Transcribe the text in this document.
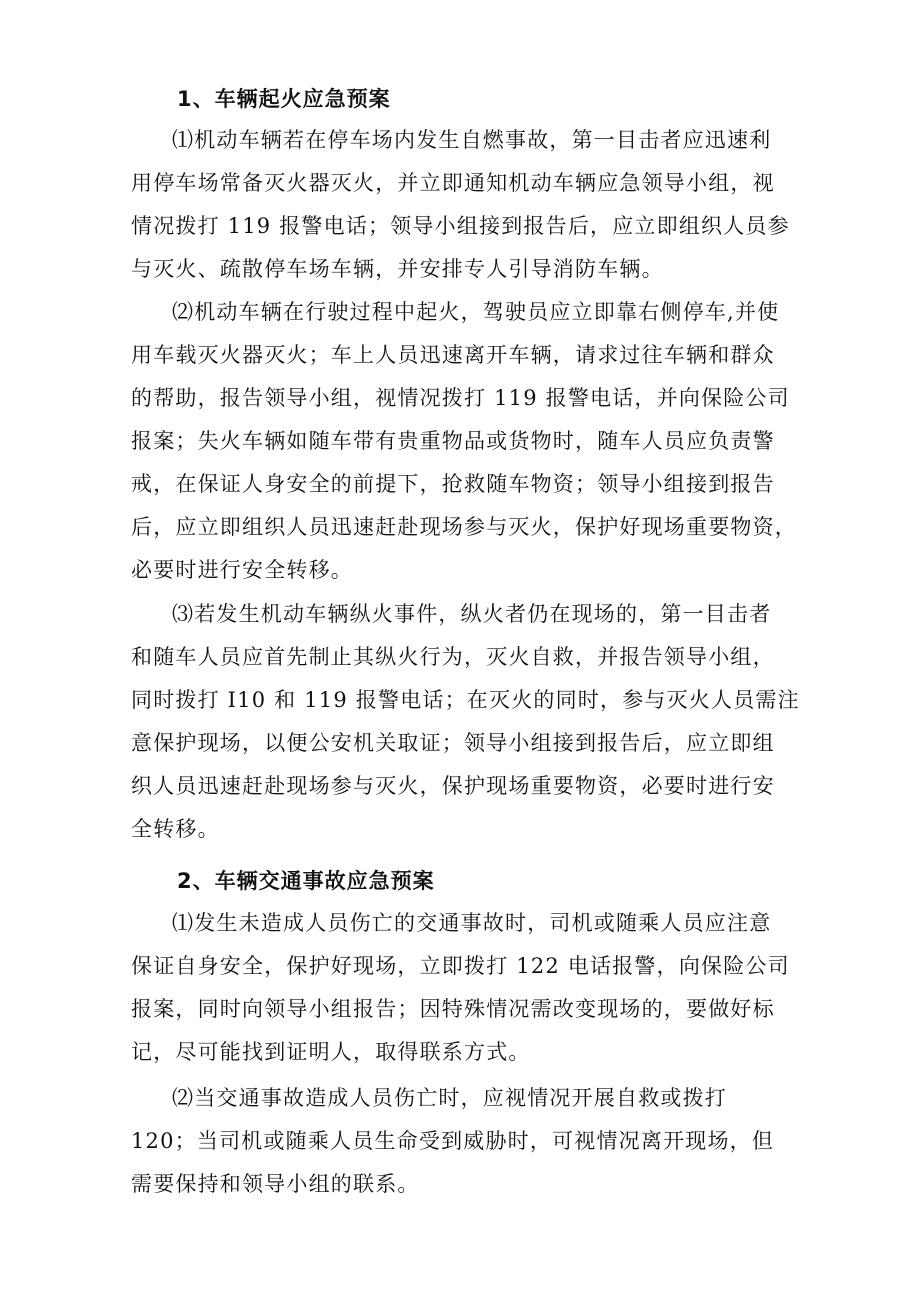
1、车辆起火应急预案
⑴机动车辆若在停车场内发生自燃事故，第一目击者应迅速利
用停车场常备灭火器灭火，并立即通知机动车辆应急领导小组，视
情况拨打 119 报警电话；领导小组接到报告后，应立即组织人员参
与灭火、疏散停车场车辆，并安排专人引导消防车辆。
⑵机动车辆在行驶过程中起火，驾驶员应立即靠右侧停车,并使
用车载灭火器灭火；车上人员迅速离开车辆，请求过往车辆和群众
的帮助，报告领导小组，视情况拨打 119 报警电话，并向保险公司
报案；失火车辆如随车带有贵重物品或货物时，随车人员应负责警
戒，在保证人身安全的前提下，抢救随车物资；领导小组接到报告
后，应立即组织人员迅速赶赴现场参与灭火，保护好现场重要物资，
必要时进行安全转移。
⑶若发生机动车辆纵火事件，纵火者仍在现场的，第一目击者
和随车人员应首先制止其纵火行为，灭火自救，并报告领导小组，
同时拨打 I10 和 119 报警电话；在灭火的同时，参与灭火人员需注
意保护现场，以便公安机关取证；领导小组接到报告后，应立即组
织人员迅速赶赴现场参与灭火，保护现场重要物资，必要时进行安
全转移。
2、车辆交通事故应急预案
⑴发生未造成人员伤亡的交通事故时，司机或随乘人员应注意
保证自身安全，保护好现场，立即拨打 122 电话报警，向保险公司
报案，同时向领导小组报告；因特殊情况需改变现场的，要做好标
记，尽可能找到证明人，取得联系方式。
⑵当交通事故造成人员伤亡时，应视情况开展自救或拨打
120；当司机或随乘人员生命受到威胁时，可视情况离开现场，但
需要保持和领导小组的联系。
